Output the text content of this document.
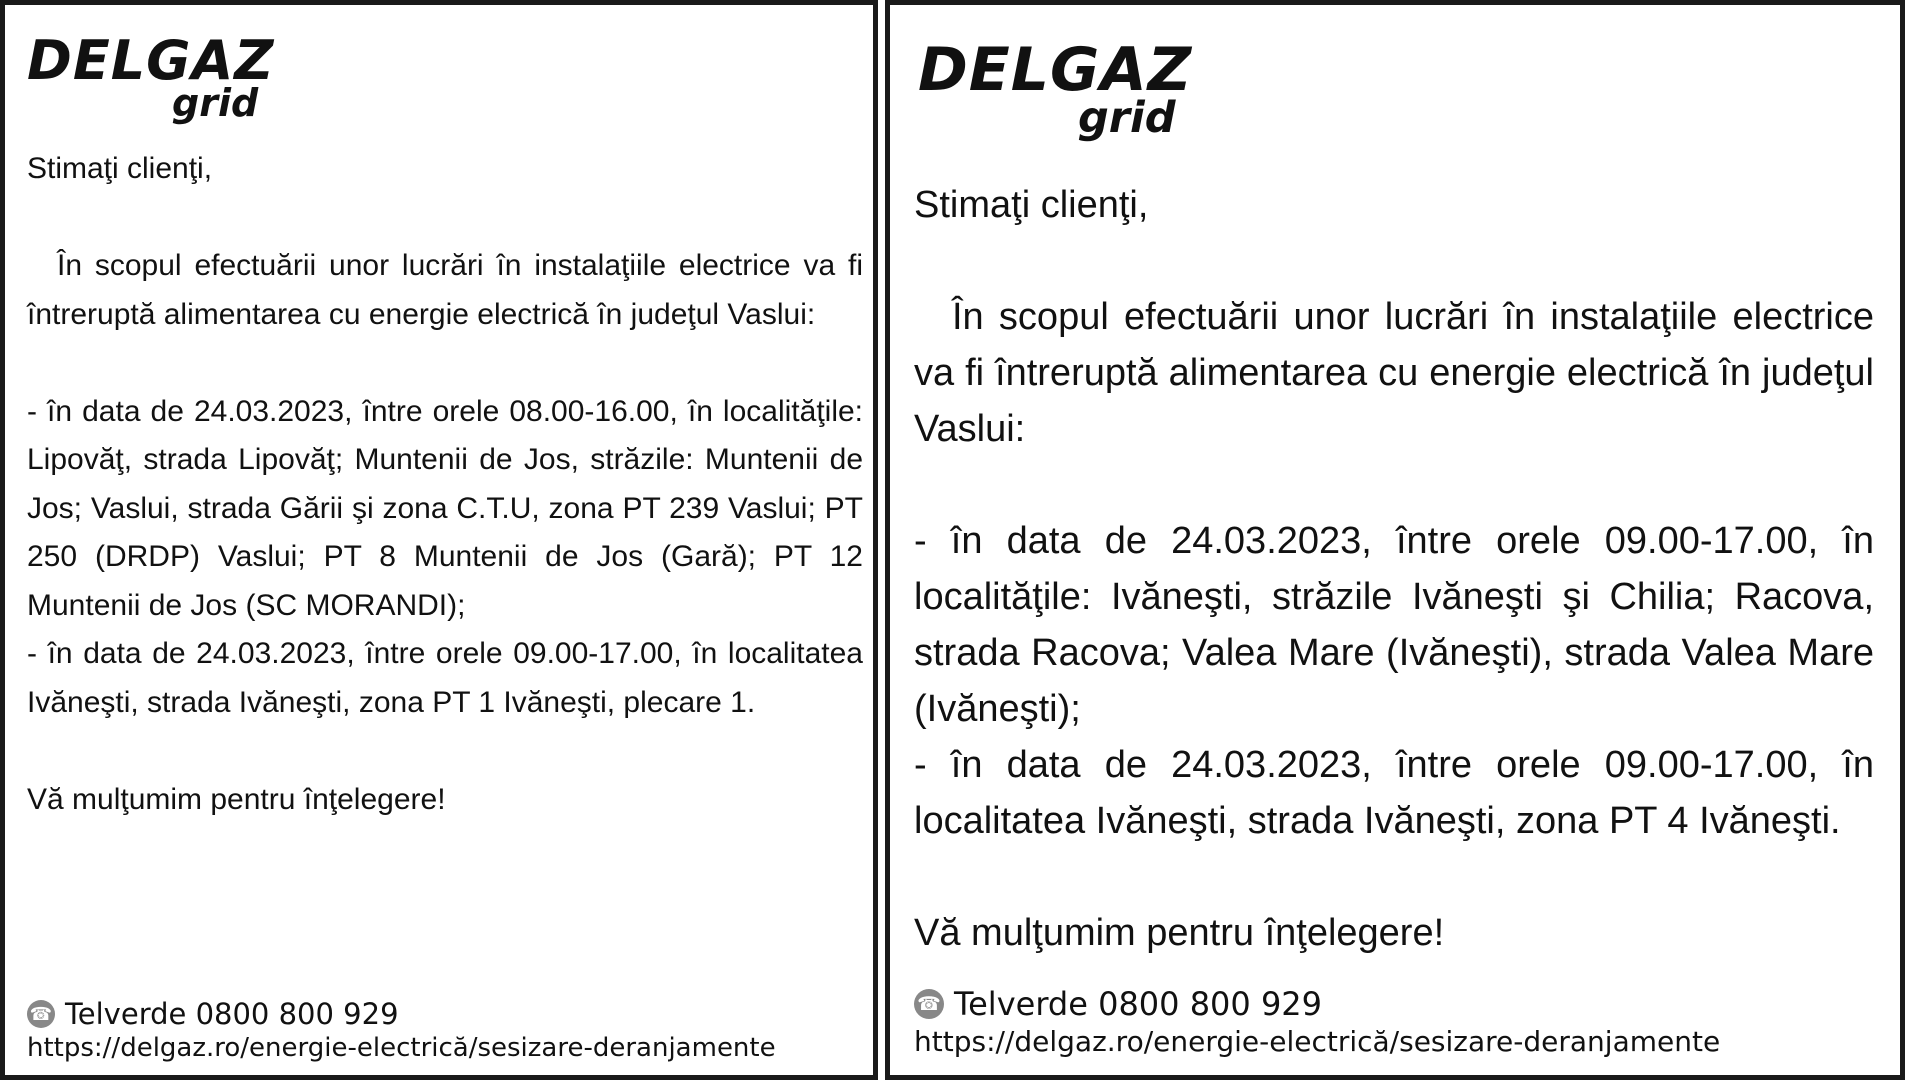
DELGAZ
grid

Stimaţi clienţi,

În scopul efectuării unor lucrări în instalaţiile electrice va fi întreruptă alimentarea cu energie electrică în judeţul Vaslui:

- în data de 24.03.2023, între orele 08.00-16.00, în localităţile: Lipovăţ, strada Lipovăţ; Muntenii de Jos, străzile: Muntenii de Jos; Vaslui, strada Gării şi zona C.T.U, zona PT 239 Vaslui; PT 250 (DRDP) Vaslui; PT 8 Muntenii de Jos (Gară); PT 12 Muntenii de Jos (SC MORANDI);

- în data de 24.03.2023, între orele 09.00-17.00, în localitatea Ivăneşti, strada Ivăneşti, zona PT 1 Ivăneşti, plecare 1.

Vă mulţumim pentru înţelegere!

☎ Telverde 0800 800 929
https://delgaz.ro/energie-electrică/sesizare-deranjamente
DELGAZ
grid

Stimaţi clienţi,

În scopul efectuării unor lucrări în instalaţiile electrice va fi întreruptă alimentarea cu energie electrică în judeţul Vaslui:

- în data de 24.03.2023, între orele 09.00-17.00, în localităţile: Ivăneşti, străzile Ivăneşti şi Chilia; Racova, strada Racova; Valea Mare (Ivăneşti), strada Valea Mare (Ivăneşti);

- în data de 24.03.2023, între orele 09.00-17.00, în localitatea Ivăneşti, strada Ivăneşti, zona PT 4 Ivăneşti.

Vă mulţumim pentru înţelegere!

☎ Telverde 0800 800 929
https://delgaz.ro/energie-electrică/sesizare-deranjamente
